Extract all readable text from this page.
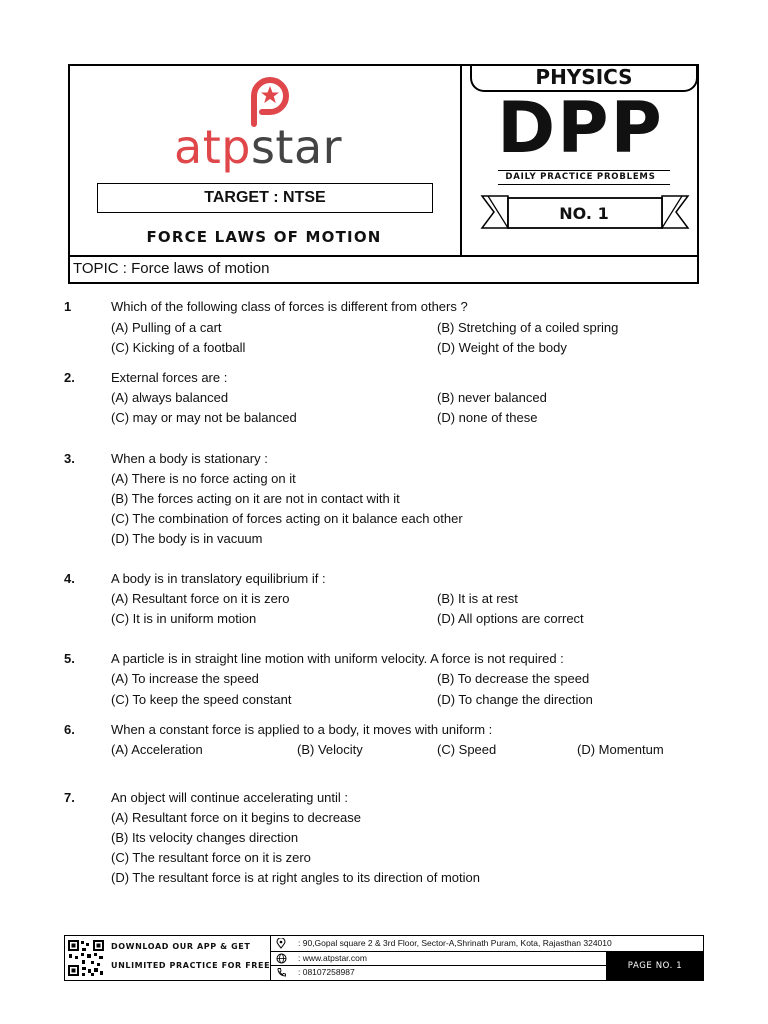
atpstar
TARGET : NTSE
FORCE LAWS OF MOTION
PHYSICS
DPP
DAILY PRACTICE PROBLEMS
NO. 1
TOPIC : Force laws of motion
1	Which of the following class of forces is different from others ?
(A) Pulling of a cart	(B) Stretching of a coiled spring
(C) Kicking of a football	(D) Weight of the body
2.	External forces are :
(A) always balanced	(B) never balanced
(C) may or may not be balanced	(D) none of these
3.	When a body is stationary :
(A) There is no force acting on it
(B) The forces acting on it are not in contact with it
(C) The combination of forces acting on it balance each other
(D) The body is in vacuum
4.	A body is in translatory equilibrium if :
(A) Resultant force on it is zero	(B) It is at rest
(C) It is in uniform motion	(D) All options are correct
5.	A particle is in straight line motion with uniform velocity. A force is not required :
(A) To increase the speed	(B) To decrease the speed
(C) To keep the speed constant	(D) To change the direction
6.	When a constant force is applied to a body, it moves with uniform :
(A) Acceleration	(B) Velocity	(C) Speed	(D) Momentum
7.	An object will continue accelerating until :
(A) Resultant force on it begins to decrease
(B) Its velocity changes direction
(C) The resultant force on it is zero
(D) The resultant force is at right angles to its direction of motion
DOWNLOAD OUR APP & GET
UNLIMITED PRACTICE FOR FREE
: 90,Gopal square 2 & 3rd Floor, Sector-A,Shrinath Puram, Kota, Rajasthan 324010
: www.atpstar.com
: 08107258987
PAGE NO. 1
